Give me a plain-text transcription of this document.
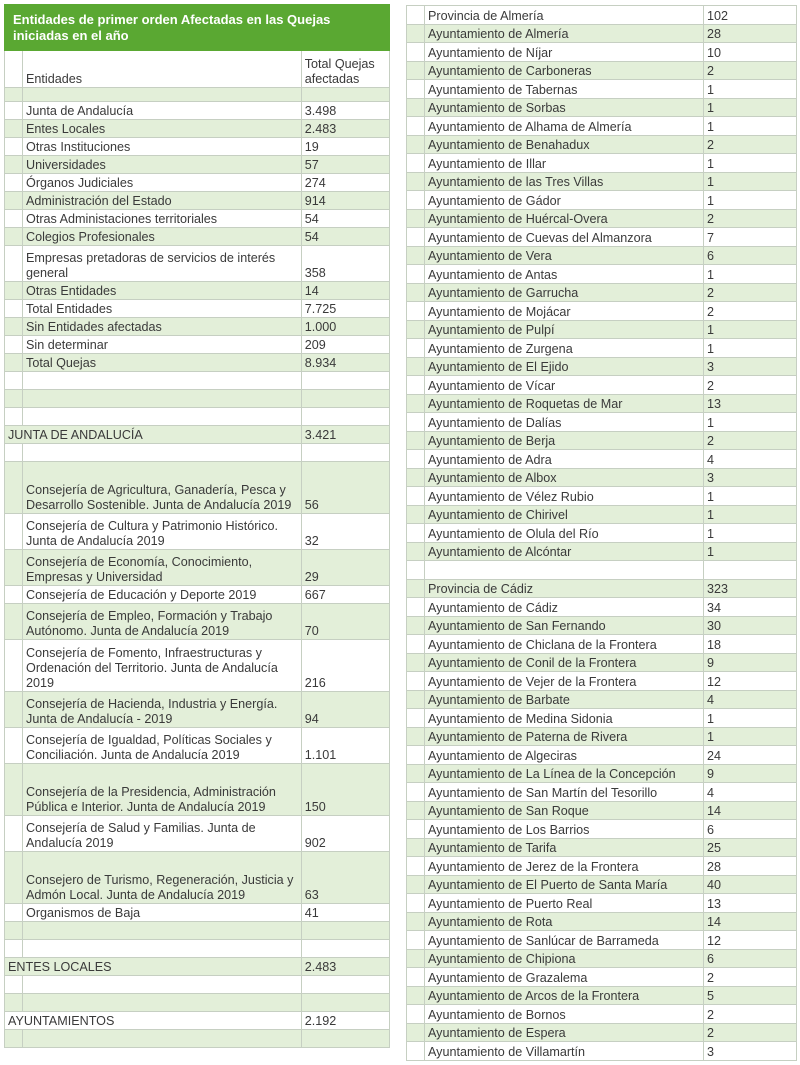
Entidades de primer orden Afectadas en las Quejas iniciadas en el año		
	Entidades	Total Quejas afectadas

	Junta de Andalucía	3.498
	Entes Locales	2.483
	Otras Instituciones	19
	Universidades	57
	Órganos Judiciales	274
	Administración del Estado	914
	Otras Administaciones territoriales	54
	Colegios Profesionales	54
	Empresas pretadoras de servicios de interés general	358
	Otras Entidades	14
	Total Entidades	7.725
	Sin Entidades afectadas	1.000
	Sin determinar	209
	Total Quejas	8.934

JUNTA DE ANDALUCÍA		3.421

	Consejería de Agricultura, Ganadería, Pesca y Desarrollo Sostenible. Junta de Andalucía 2019	56
	Consejería de Cultura y Patrimonio Histórico. Junta de Andalucía 2019	32
	Consejería de Economía, Conocimiento, Empresas y Universidad	29
	Consejería de Educación y Deporte 2019	667
	Consejería de Empleo, Formación y Trabajo Autónomo. Junta de Andalucía 2019	70
	Consejería de Fomento, Infraestructuras y Ordenación del Territorio. Junta de Andalucía 2019	216
	Consejería de Hacienda, Industria y Energía. Junta de Andalucía - 2019	94
	Consejería de Igualdad, Políticas Sociales y Conciliación. Junta de Andalucía 2019	1.101
	Consejería de la Presidencia, Administración Pública e Interior. Junta de Andalucía 2019	150
	Consejería de Salud y Familias. Junta de Andalucía 2019	902
	Consejero de Turismo, Regeneración, Justicia y Admón Local. Junta de Andalucía 2019	63
	Organismos de Baja	41

ENTES LOCALES		2.483

AYUNTAMIENTOS		2.192

	Provincia de Almería	102
	Ayuntamiento de Almería	28
	Ayuntamiento de Níjar	10
	Ayuntamiento de Carboneras	2
	Ayuntamiento de Tabernas	1
	Ayuntamiento de Sorbas	1
	Ayuntamiento de Alhama de Almería	1
	Ayuntamiento de Benahadux	2
	Ayuntamiento de Illar	1
	Ayuntamiento de las Tres Villas	1
	Ayuntamiento de Gádor	1
	Ayuntamiento de Huércal-Overa	2
	Ayuntamiento de Cuevas del Almanzora	7
	Ayuntamiento de Vera	6
	Ayuntamiento de Antas	1
	Ayuntamiento de Garrucha	2
	Ayuntamiento de Mojácar	2
	Ayuntamiento de Pulpí	1
	Ayuntamiento de Zurgena	1
	Ayuntamiento de El Ejido	3
	Ayuntamiento de Vícar	2
	Ayuntamiento de Roquetas de Mar	13
	Ayuntamiento de Dalías	1
	Ayuntamiento de Berja	2
	Ayuntamiento de Adra	4
	Ayuntamiento de Albox	3
	Ayuntamiento de Vélez Rubio	1
	Ayuntamiento de Chirivel	1
	Ayuntamiento de Olula del Río	1
	Ayuntamiento de Alcóntar	1

	Provincia de Cádiz	323
	Ayuntamiento de Cádiz	34
	Ayuntamiento de San Fernando	30
	Ayuntamiento de Chiclana de la Frontera	18
	Ayuntamiento de Conil de la Frontera	9
	Ayuntamiento de Vejer de la Frontera	12
	Ayuntamiento de Barbate	4
	Ayuntamiento de Medina Sidonia	1
	Ayuntamiento de Paterna de Rivera	1
	Ayuntamiento de Algeciras	24
	Ayuntamiento de La Línea de la Concepción	9
	Ayuntamiento de San Martín del Tesorillo	4
	Ayuntamiento de San Roque	14
	Ayuntamiento de Los Barrios	6
	Ayuntamiento de Tarifa	25
	Ayuntamiento de Jerez de la Frontera	28
	Ayuntamiento de El Puerto de Santa María	40
	Ayuntamiento de Puerto Real	13
	Ayuntamiento de Rota	14
	Ayuntamiento de Sanlúcar de Barrameda	12
	Ayuntamiento de Chipiona	6
	Ayuntamiento de Grazalema	2
	Ayuntamiento de Arcos de la Frontera	5
	Ayuntamiento de Bornos	2
	Ayuntamiento de Espera	2
	Ayuntamiento de Villamartín	3
